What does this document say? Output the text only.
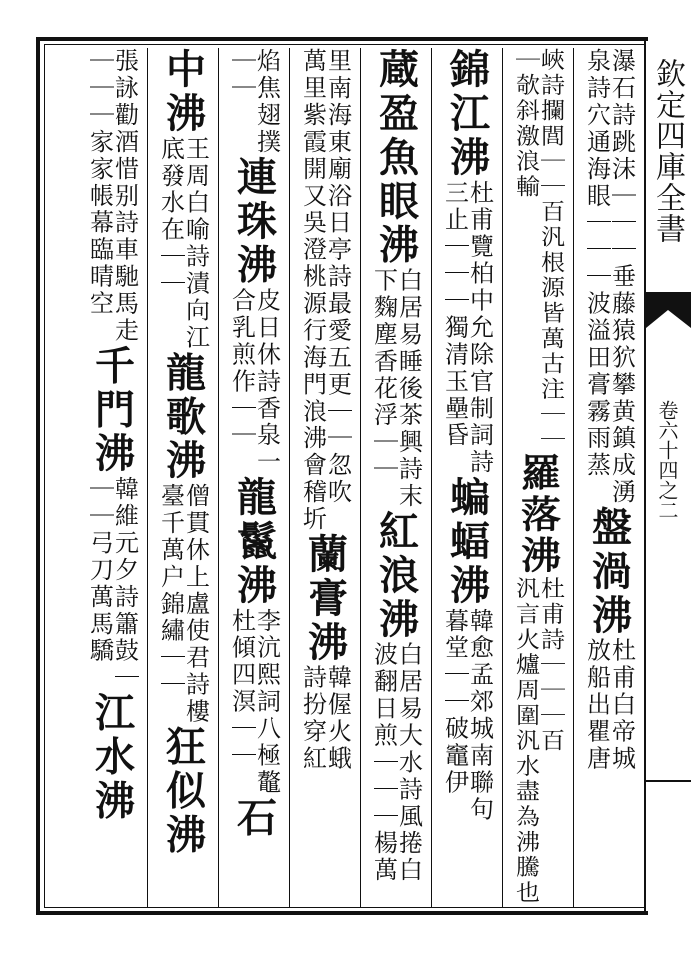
欽定四庫全書
卷六十四之二
瀑石詩跳沫｜｜｜垂藤猿狖攀黄鎮成湧
泉詩穴通海眼｜｜｜波溢田膏霧雨蒸
盤渦沸
杜甫白帝城
放船出瞿唐
峽詩攔閭｜｜百汎根源皆萬古注｜｜
｜欹斜激浪輸
羅落沸
杜甫詩｜｜｜百
汎言火爐周圍汎水盡為沸騰也
錦江沸
杜甫覽柏中允除官制詞詩
三止｜｜｜獨清玉壘昏
蝙蝠沸
韓愈孟郊城南聯句
暮堂｜｜破竈伊
蔵盈魚眼沸
白居易睡後茶興詩末
下麴塵香花浮｜｜
紅浪沸
白居易大水詩風捲白
波翻日煎｜｜｜楊萬
里南海東廟浴日亭詩最愛五更｜｜忽吹
萬里紫霞開又吳澄桃源行海門浪沸會稽圻
蘭膏沸
韓偓火蛾
詩扮穿紅
焰焦翅撲
｜｜
連珠沸
皮日休詩香泉一
合乳煎作｜｜
龍鬣沸
李沆熙詞八極鼇
杜傾四溟｜｜
石
中沸
王周白喻詩漬向江
底發水在｜｜
龍歌沸
僧貫休上盧使君詩樓
臺千萬户錦繡｜｜
狂似沸
張詠勸酒惜别詩車馳馬走
｜｜｜家家帳幕臨晴空
千門沸
韓維元夕詩簫鼓｜
｜｜弓刀萬馬驕
江水沸
